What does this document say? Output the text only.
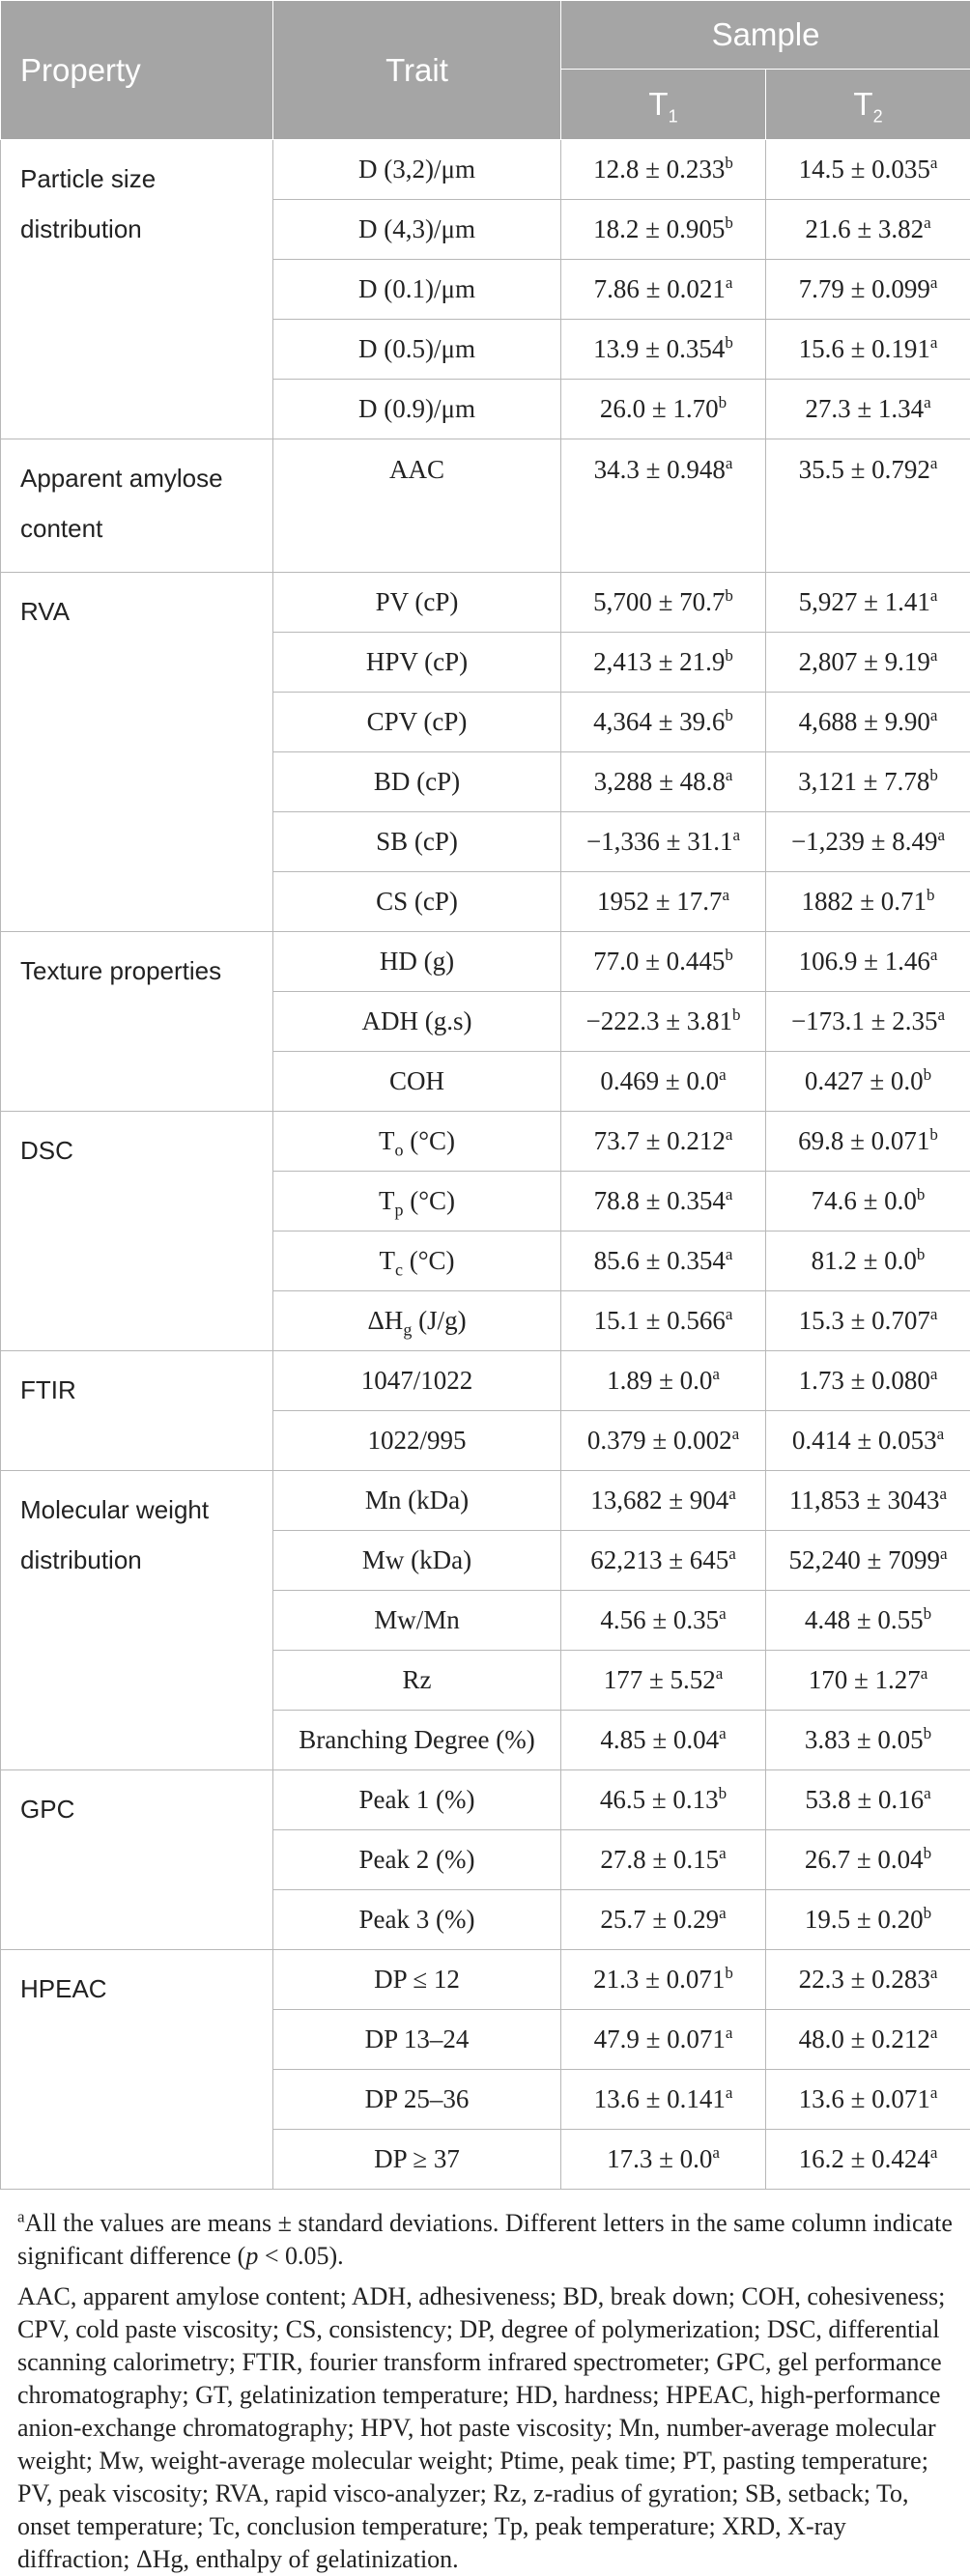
Property	Trait	Sample	
		$T_1$	$T_2$
Particle size distribution	D (3,2)/μm	12.8 ± 0.233$^b$	14.5 ± 0.035$^a$
	D (4,3)/μm	18.2 ± 0.905$^b$	21.6 ± 3.82$^a$
	D (0.1)/μm	7.86 ± 0.021$^a$	7.79 ± 0.099$^a$
	D (0.5)/μm	13.9 ± 0.354$^b$	15.6 ± 0.191$^a$
	D (0.9)/μm	26.0 ± 1.70$^b$	27.3 ± 1.34$^a$
Apparent amylose content	AAC	34.3 ± 0.948$^a$	35.5 ± 0.792$^a$
RVA	PV (cP)	5,700 ± 70.7$^b$	5,927 ± 1.41$^a$
	HPV (cP)	2,413 ± 21.9$^b$	2,807 ± 9.19$^a$
	CPV (cP)	4,364 ± 39.6$^b$	4,688 ± 9.90$^a$
	BD (cP)	3,288 ± 48.8$^a$	3,121 ± 7.78$^b$
	SB (cP)	−1,336 ± 31.1$^a$	−1,239 ± 8.49$^a$
	CS (cP)	1952 ± 17.7$^a$	1882 ± 0.71$^b$
Texture properties	HD (g)	77.0 ± 0.445$^b$	106.9 ± 1.46$^a$
	ADH (g.s)	−222.3 ± 3.81$^b$	−173.1 ± 2.35$^a$
	COH	0.469 ± 0.0$^a$	0.427 ± 0.0$^b$
DSC	$T_o$ (°C)	73.7 ± 0.212$^a$	69.8 ± 0.071$^b$
	$T_p$ (°C)	78.8 ± 0.354$^a$	74.6 ± 0.0$^b$
	$T_c$ (°C)	85.6 ± 0.354$^a$	81.2 ± 0.0$^b$
	$\Delta H_g$ (J/g)	15.1 ± 0.566$^a$	15.3 ± 0.707$^a$
FTIR	1047/1022	1.89 ± 0.0$^a$	1.73 ± 0.080$^a$
	1022/995	0.379 ± 0.002$^a$	0.414 ± 0.053$^a$
Molecular weight distribution	Mn (kDa)	$13,682 \pm 904^a$	$11,853 \pm 3043^a$
	Mw (kDa)	$62,213 \pm 645^a$	$52,240 \pm 7099^a$
	Mw/Mn	4.56 ± 0.35$^a$	4.48 ± 0.55$^b$
	Rz	177 ± 5.52$^a$	170 ± 1.27$^a$
	Branching Degree (%)	4.85 ± 0.04$^a$	3.83 ± 0.05$^b$
GPC	Peak 1 (%)	46.5 ± 0.13$^b$	53.8 ± 0.16$^a$
	Peak 2 (%)	27.8 ± 0.15$^a$	26.7 ± 0.04$^b$
	Peak 3 (%)	25.7 ± 0.29$^a$	19.5 ± 0.20$^b$
HPEAC	DP ≤ 12	21.3 ± 0.071$^b$	22.3 ± 0.283$^a$
	DP 13–24	47.9 ± 0.071$^a$	48.0 ± 0.212$^a$
	DP 25–36	13.6 ± 0.141$^a$	13.6 ± 0.071$^a$
	DP ≥ 37	17.3 ± 0.0$^a$	16.2 ± 0.424$^a$

$^a$All the values are means ± standard deviations. Different letters in the same column indicate significant difference (p < 0.05).

AAC, apparent amylose content; ADH, adhesiveness; BD, break down; COH, cohesiveness; CPV, cold paste viscosity; CS, consistency; DP, degree of polymerization; DSC, differential scanning calorimetry; FTIR, fourier transform infrared spectrometer; GPC, gel performance chromatography; GT, gelatinization temperature; HD, hardness; HPEAC, high-performance anion-exchange chromatography; HPV, hot paste viscosity; Mn, number-average molecular weight; Mw, weight-average molecular weight; Ptime, peak time; PT, pasting temperature; PV, peak viscosity; RVA, rapid visco-analyzer; Rz, z-radius of gyration; SB, setback; To, onset temperature; Tc, conclusion temperature; Tp, peak temperature; XRD, X-ray diffraction; ΔHg, enthalpy of gelatinization.
